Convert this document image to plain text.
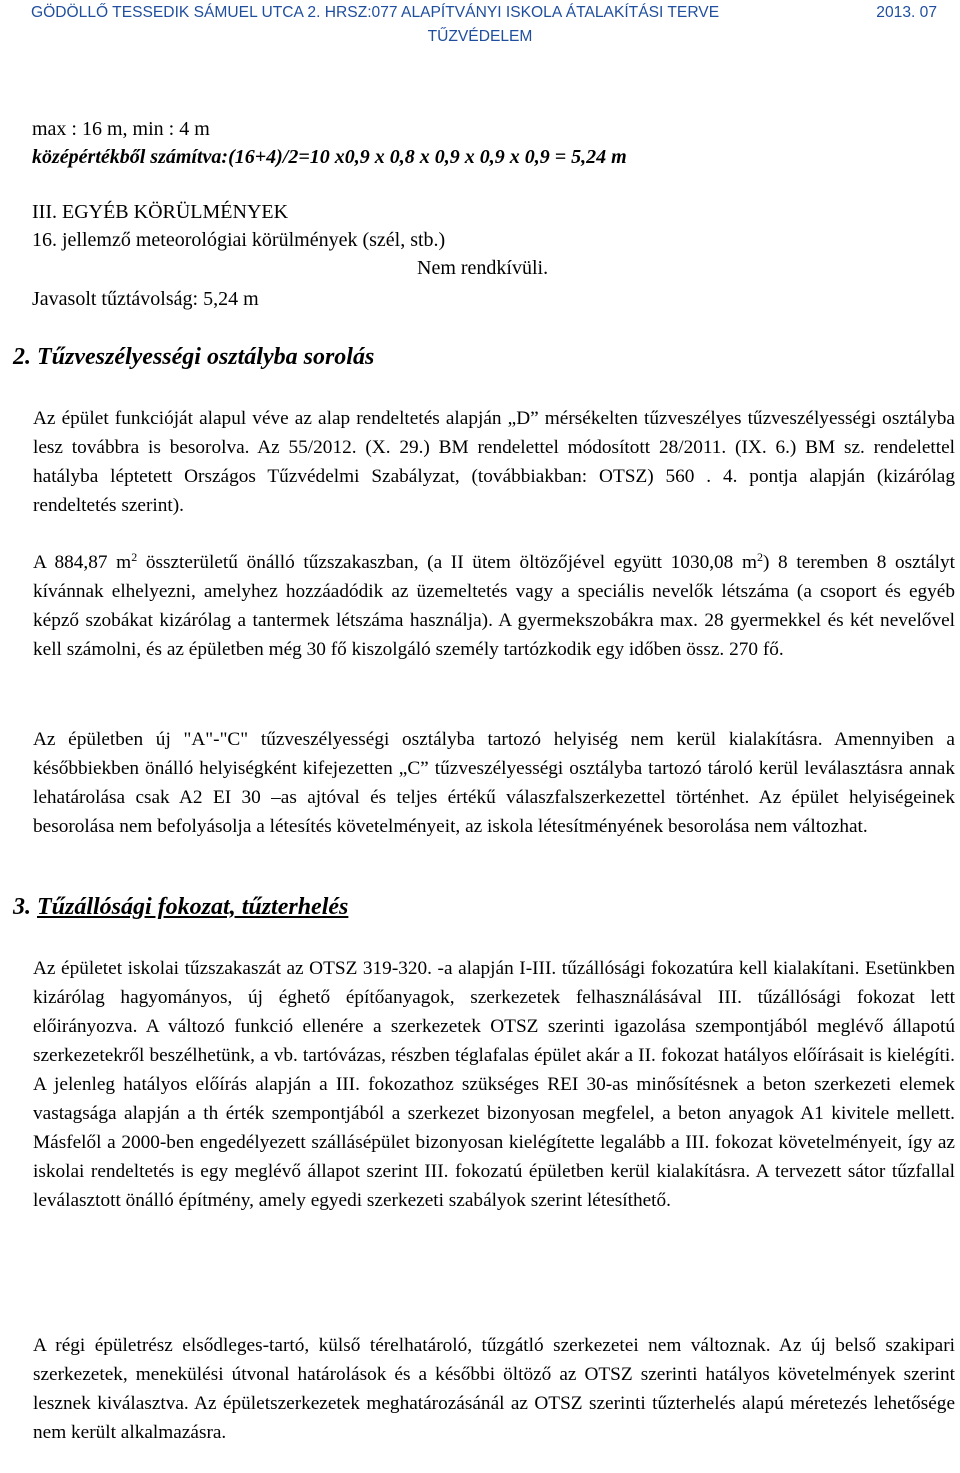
GÖDÖLLŐ TESSEDIK SÁMUEL UTCA 2. HRSZ:077 ALAPÍTVÁNYI ISKOLA ÁTALAKÍTÁSI TERVE	2013. 07
TŰZVÉDELEM
max : 16 m, min : 4 m
középértékből számítva:(16+4)/2=10 x0,9 x 0,8 x 0,9 x 0,9 x 0,9 = 5,24 m
III. EGYÉB KÖRÜLMÉNYEK
16. jellemző meteorológiai körülmények (szél, stb.)
Nem rendkívüli.
Javasolt tűztávolság: 5,24 m
2. Tűzveszélyességi osztályba sorolás
Az épület funkcióját alapul véve az alap rendeltetés alapján „D” mérsékelten tűzveszélyes tűzveszélyességi osztályba lesz továbbra is besorolva. Az 55/2012. (X. 29.) BM rendelettel módosított 28/2011. (IX. 6.) BM sz. rendelettel hatályba léptetett Országos Tűzvédelmi Szabályzat, (továbbiakban: OTSZ) 560 . 4. pontja alapján (kizárólag rendeltetés szerint).
A 884,87 $m^2$ összterületű önálló tűzszakaszban, (a II ütem öltözőjével együtt 1030,08 $m^2$) 8 teremben 8 osztályt kívánnak elhelyezni, amelyhez hozzáadódik az üzemeltetés vagy a speciális nevelők létszáma (a csoport és egyéb képző szobákat kizárólag a tantermek létszáma használja). A gyermekszobákra max. 28 gyermekkel és két nevelővel kell számolni, és az épületben még 30 fő kiszolgáló személy tartózkodik egy időben össz. 270 fő.
Az épületben új "A"-"C" tűzveszélyességi osztályba tartozó helyiség nem kerül kialakításra. Amennyiben a későbbiekben önálló helyiségként kifejezetten „C” tűzveszélyességi osztályba tartozó tároló kerül leválasztásra annak lehatárolása csak A2 EI 30 –as ajtóval és teljes értékű válaszfalszerkezettel történhet. Az épület helyiségeinek besorolása nem befolyásolja a létesítés követelményeit, az iskola létesítményének besorolása nem változhat.
3. Tűzállósági fokozat, tűzterhelés
Az épületet iskolai tűzszakaszát az OTSZ 319-320. -a alapján I-III. tűzállósági fokozatúra kell kialakítani. Esetünkben kizárólag hagyományos, új éghető építőanyagok, szerkezetek felhasználásával III. tűzállósági fokozat lett előirányozva. A változó funkció ellenére a szerkezetek OTSZ szerinti igazolása szempontjából meglévő állapotú szerkezetekről beszélhetünk, a vb. tartóvázas, részben téglafalas épület akár a II. fokozat hatályos előírásait is kielégíti. A jelenleg hatályos előírás alapján a III. fokozathoz szükséges REI 30-as minősítésnek a beton szerkezeti elemek vastagsága alapján a th érték szempontjából a szerkezet bizonyosan megfelel, a beton anyagok A1 kivitele mellett. Másfelől a 2000-ben engedélyezett szállásépület bizonyosan kielégítette legalább a III. fokozat követelményeit, így az iskolai rendeltetés is egy meglévő állapot szerint III. fokozatú épületben kerül kialakításra. A tervezett sátor tűzfallal leválasztott önálló építmény, amely egyedi szerkezeti szabályok szerint létesíthető.
A régi épületrész elsődleges-tartó, külső térelhatároló, tűzgátló szerkezetei nem változnak. Az új belső szakipari szerkezetek, menekülési útvonal határolások és a későbbi öltöző az OTSZ szerinti hatályos követelmények szerint lesznek kiválasztva. Az épületszerkezetek meghatározásánál az OTSZ szerinti tűzterhelés alapú méretezés lehetősége nem került alkalmazásra.
